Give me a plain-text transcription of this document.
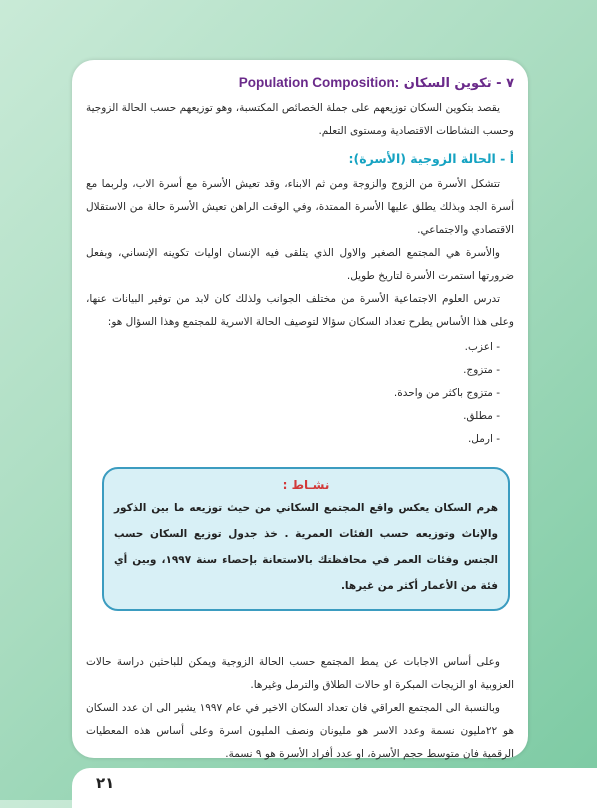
٧ - تكوين السكان Population Composition:

يقصد بتكوين السكان توزيعهم على جملة الخصائص المكتسبة، وهو توزيعهم حسب الحالة الزوجية وحسب النشاطات الاقتصادية ومستوى التعلم.

أ - الحالة الزوجية (الأسرة):

تتشكل الأسرة من الزوج والزوجة ومن ثم الابناء، وقد تعيش الأسرة مع أسرة الاب، ولربما مع أسرة الجد وبذلك يطلق عليها الأسرة الممتدة، وفي الوقت الراهن تعيش الأسرة حالة من الاستقلال الاقتصادي والاجتماعي.

والأسرة هي المجتمع الصغير والاول الذي يتلقى فيه الإنسان اوليات تكوينه الإنساني، وبفعل ضرورتها استمرت الأسرة لتاريخ طويل.

تدرس العلوم الاجتماعية الأسرة من مختلف الجوانب ولذلك كان لابد من توفير البيانات عنها، وعلى هذا الأساس يطرح تعداد السكان سؤالا لتوصيف الحالة الاسرية للمجتمع وهذا السؤال هو:

- اعزب.
- متزوج.
- متزوج باكثر من واحدة.
- مطلق.
- ارمل.
نشـاط :
هرم السكان يعكس واقع المجتمع السكاني من حيث توزيعه ما بين الذكور والإناث وتوزيعه حسب الفئات العمرية . خذ جدول توزيع السكان حسب الجنس وفئات العمر في محافظتك بالاستعانة بإحصاء سنة ١٩٩٧، وبين أي فئة من الأعمار أكثر من غيرها.

وعلى أساس الاجابات عن يمط المجتمع حسب الحالة الزوجية ويمكن للباحثين دراسة حالات العزوبية او الزيجات المبكرة او حالات الطلاق والترمل وغيرها.

وبالنسبة الى المجتمع العراقي فان تعداد السكان الاخير في عام ١٩٩٧ يشير الى ان عدد السكان هو ٢٢مليون نسمة وعدد الاسر هو مليونان ونصف المليون اسرة وعلى أساس هذه المعطيات الرقمية فان متوسط حجم الأسرة، او عدد أفراد الأسرة هو ٩ نسمة.

٢١
